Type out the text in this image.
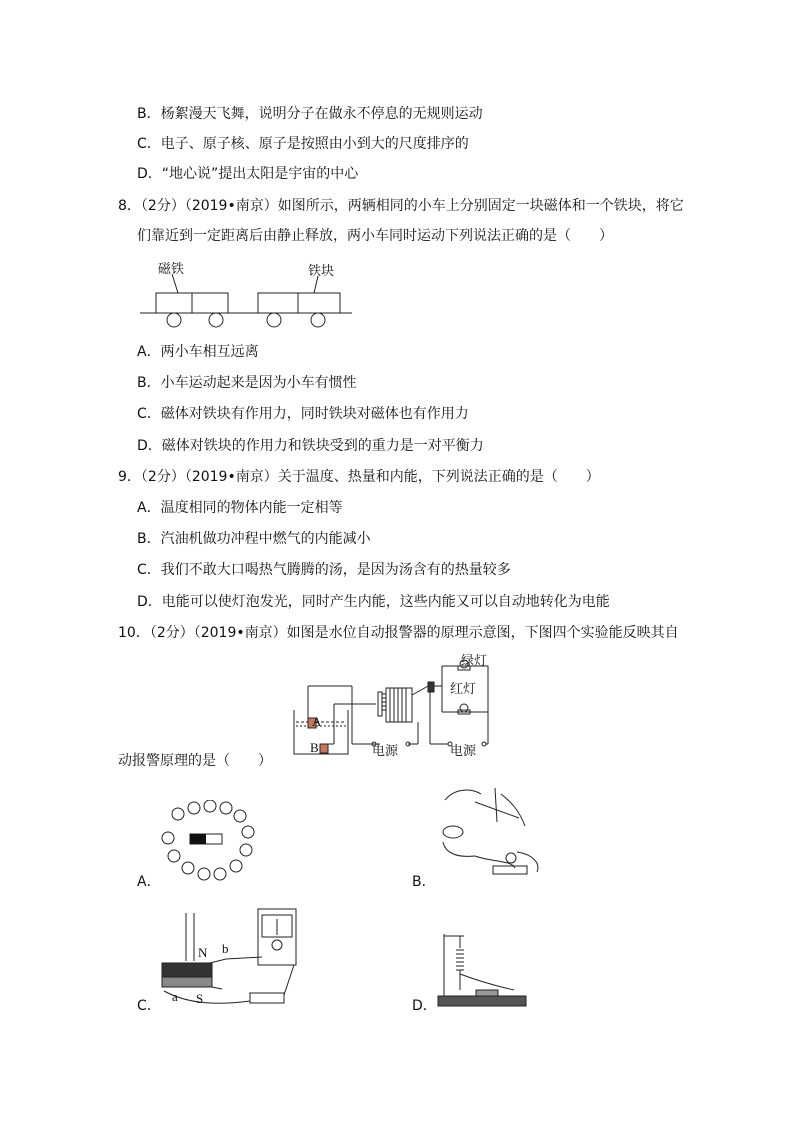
B．杨絮漫天飞舞，说明分子在做永不停息的无规则运动
C．电子、原子核、原子是按照由小到大的尺度排序的
D．“地心说”提出太阳是宇宙的中心
8．（2分）（2019•南京）如图所示，两辆相同的小车上分别固定一块磁体和一个铁块，将它
们靠近到一定距离后由静止释放，两小车同时运动下列说法正确的是（　　）
磁铁	铁块
A．两小车相互远离
B．小车运动起来是因为小车有惯性
C．磁体对铁块有作用力，同时铁块对磁体也有作用力
D．磁体对铁块的作用力和铁块受到的重力是一对平衡力
9．（2分）（2019•南京）关于温度、热量和内能，下列说法正确的是（　　）
A．温度相同的物体内能一定相等
B．汽油机做功冲程中燃气的内能减小
C．我们不敢大口喝热气腾腾的汤，是因为汤含有的热量较多
D．电能可以使灯泡发光，同时产生内能，这些内能又可以自动地转化为电能
10．（2分）（2019•南京）如图是水位自动报警器的原理示意图，下图四个实验能反映其自
绿灯
红灯
A
B	电源	电源
动报警原理的是（　　）
A．	B．
N b
a S
C．	D．
